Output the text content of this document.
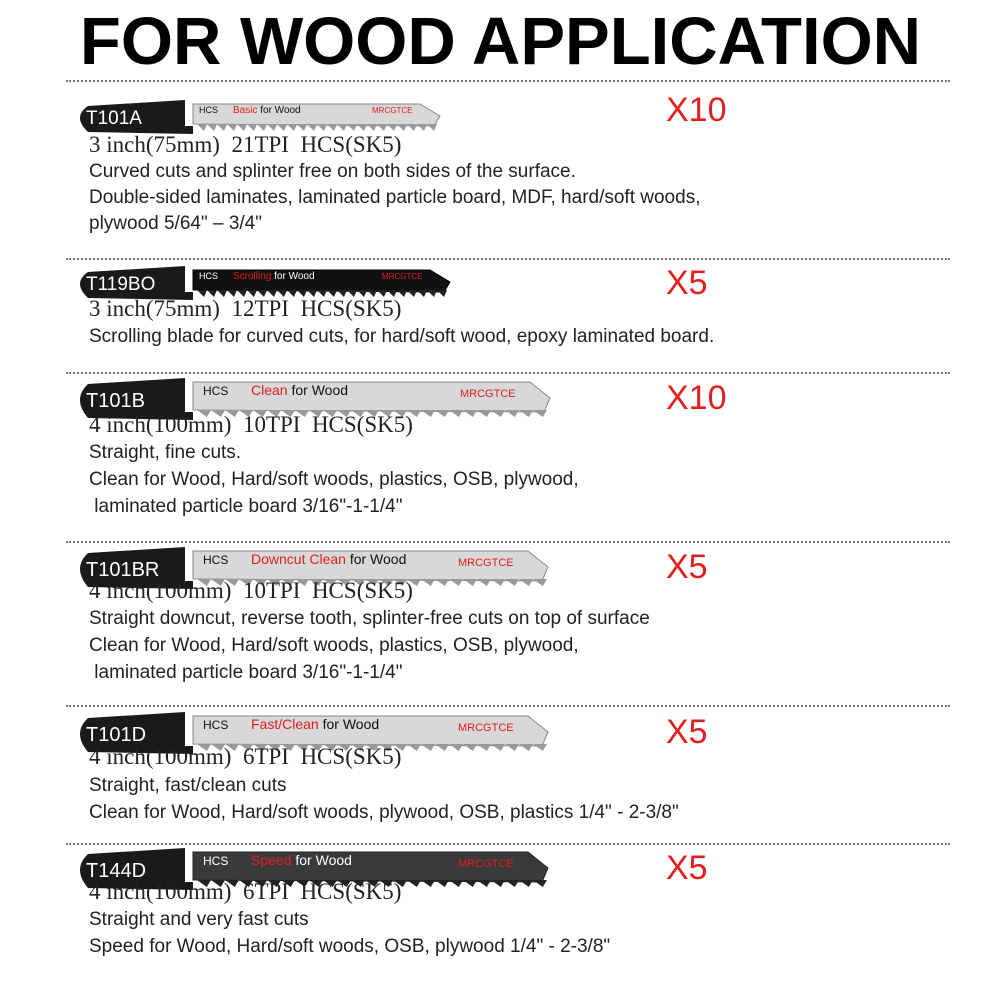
FOR WOOD APPLICATION
T101A	HCS Basic for Wood	MRCGTCE	X10
3 inch(75mm)  21TPI  HCS(SK5)
Curved cuts and splinter free on both sides of the surface.
Double-sided laminates, laminated particle board, MDF, hard/soft woods,
plywood 5/64" – 3/4"
T119BO	HCS Scrolling for Wood	MRCGTCE	X5
3 inch(75mm)  12TPI  HCS(SK5)
Scrolling blade for curved cuts, for hard/soft wood, epoxy laminated board.
T101B	HCS Clean for Wood	MRCGTCE	X10
4 inch(100mm)  10TPI  HCS(SK5)
Straight, fine cuts.
Clean for Wood, Hard/soft woods, plastics, OSB, plywood,
laminated particle board 3/16"-1-1/4"
T101BR	HCS Downcut Clean for Wood	MRCGTCE	X5
4 inch(100mm)  10TPI  HCS(SK5)
Straight downcut, reverse tooth, splinter-free cuts on top of surface
Clean for Wood, Hard/soft woods, plastics, OSB, plywood,
laminated particle board 3/16"-1-1/4"
T101D	HCS Fast/Clean for Wood	MRCGTCE	X5
4 inch(100mm)  6TPI  HCS(SK5)
Straight, fast/clean cuts
Clean for Wood, Hard/soft woods, plywood, OSB, plastics 1/4" - 2-3/8"
T144D	HCS Speed for Wood	MRCGTCE	X5
4 inch(100mm)  6TPI  HCS(SK5)
Straight and very fast cuts
Speed for Wood, Hard/soft woods, OSB, plywood 1/4" - 2-3/8"
